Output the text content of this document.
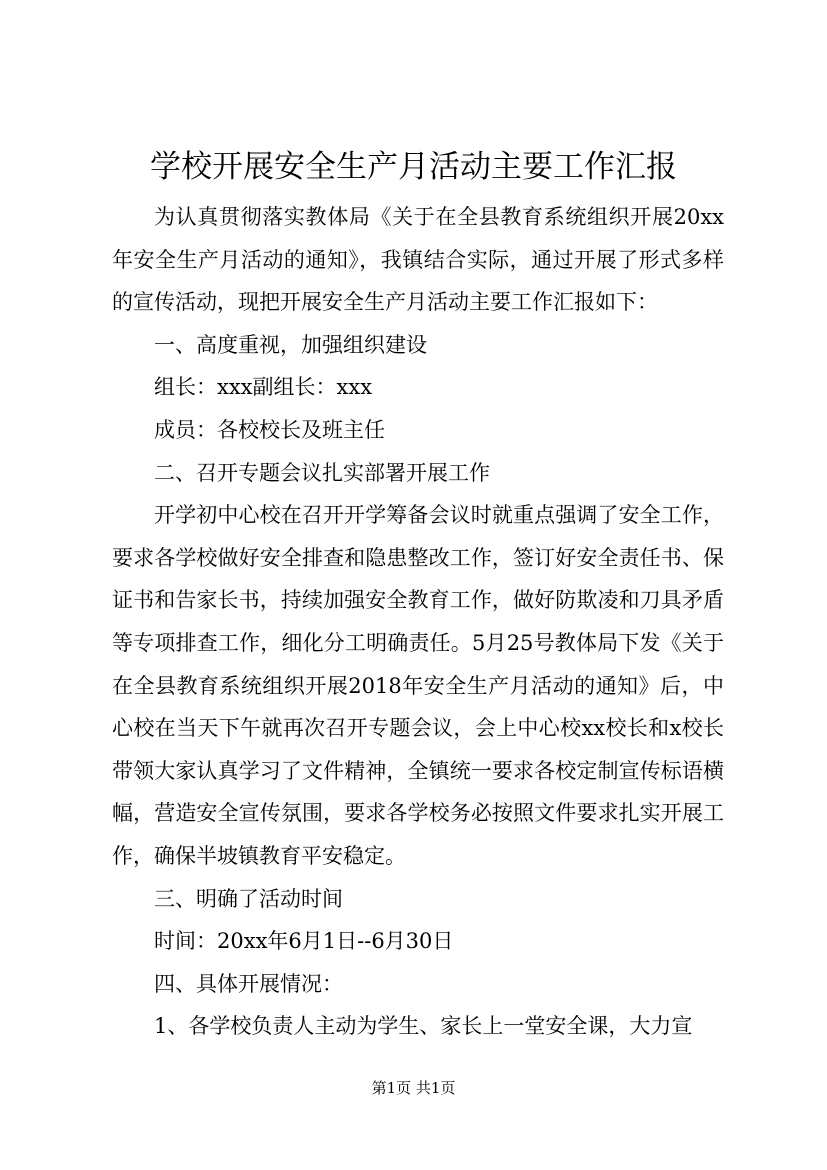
学校开展安全生产月活动主要工作汇报

为认真贯彻落实教体局《关于在全县教育系统组织开展20xx年安全生产月活动的通知》，我镇结合实际，通过开展了形式多样的宣传活动，现把开展安全生产月活动主要工作汇报如下：

一、高度重视，加强组织建设

组长：xxx副组长：xxx

成员：各校校长及班主任

二、召开专题会议扎实部署开展工作

开学初中心校在召开开学筹备会议时就重点强调了安全工作，要求各学校做好安全排查和隐患整改工作，签订好安全责任书、保证书和告家长书，持续加强安全教育工作，做好防欺凌和刀具矛盾等专项排查工作，细化分工明确责任。5月25号教体局下发《关于在全县教育系统组织开展2018年安全生产月活动的通知》后，中心校在当天下午就再次召开专题会议，会上中心校xx校长和x校长带领大家认真学习了文件精神，全镇统一要求各校定制宣传标语横幅，营造安全宣传氛围，要求各学校务必按照文件要求扎实开展工作，确保半坡镇教育平安稳定。

三、明确了活动时间

时间：20xx年6月1日--6月30日

四、具体开展情况：

1、各学校负责人主动为学生、家长上一堂安全课，大力宣

第1页 共1页
